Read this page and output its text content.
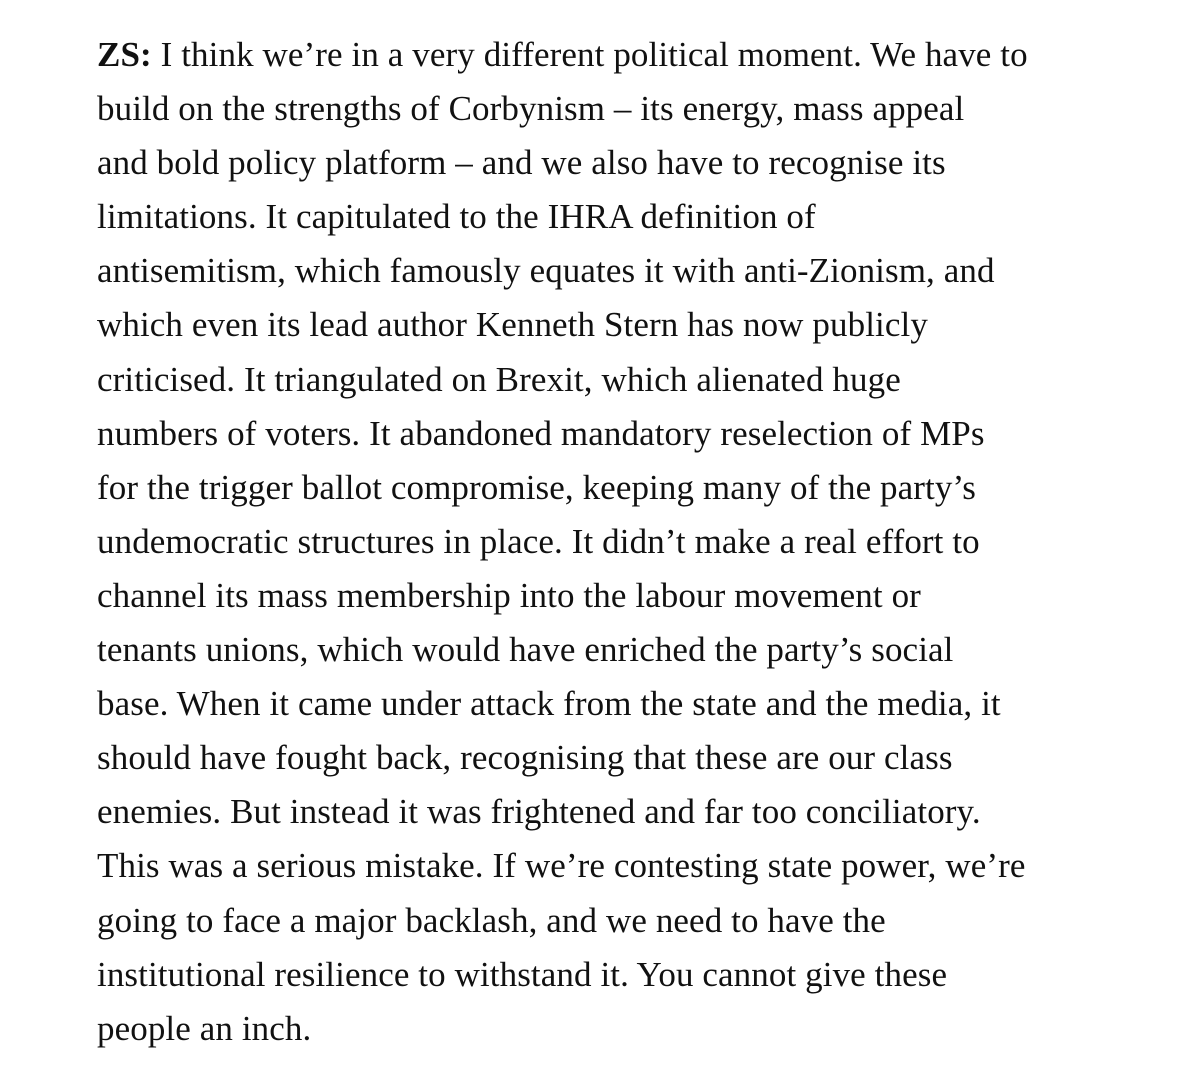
ZS: I think we’re in a very different political moment. We have to
build on the strengths of Corbynism – its energy, mass appeal
and bold policy platform – and we also have to recognise its
limitations. It capitulated to the IHRA definition of
antisemitism, which famously equates it with anti-Zionism, and
which even its lead author Kenneth Stern has now publicly
criticised. It triangulated on Brexit, which alienated huge
numbers of voters. It abandoned mandatory reselection of MPs
for the trigger ballot compromise, keeping many of the party’s
undemocratic structures in place. It didn’t make a real effort to
channel its mass membership into the labour movement or
tenants unions, which would have enriched the party’s social
base. When it came under attack from the state and the media, it
should have fought back, recognising that these are our class
enemies. But instead it was frightened and far too conciliatory.
This was a serious mistake. If we’re contesting state power, we’re
going to face a major backlash, and we need to have the
institutional resilience to withstand it. You cannot give these
people an inch.
